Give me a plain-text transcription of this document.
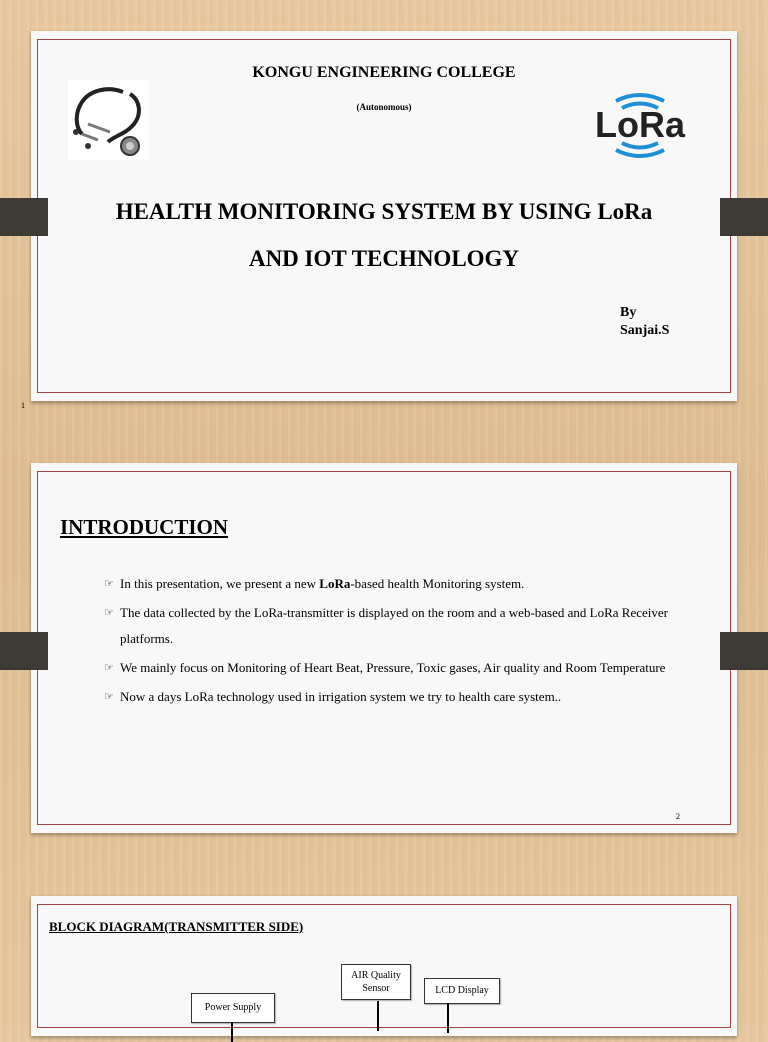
KONGU ENGINEERING COLLEGE
(Autonomous)	LoRa
HEALTH MONITORING SYSTEM BY USING LoRa
AND IOT TECHNOLOGY
By
Sanjai.S
1
INTRODUCTION
☞ In this presentation, we present a new LoRa-based health Monitoring system.
☞ The data collected by the LoRa-transmitter is displayed on the room and a web-based and LoRa Receiver platforms.
☞ We mainly focus on Monitoring of Heart Beat, Pressure, Toxic gases, Air quality and Room Temperature
☞ Now a days LoRa technology used in irrigation system we try to health care system..
2
BLOCK DIAGRAM(TRANSMITTER SIDE)
Power Supply
AIR Quality
Sensor	LCD Display
